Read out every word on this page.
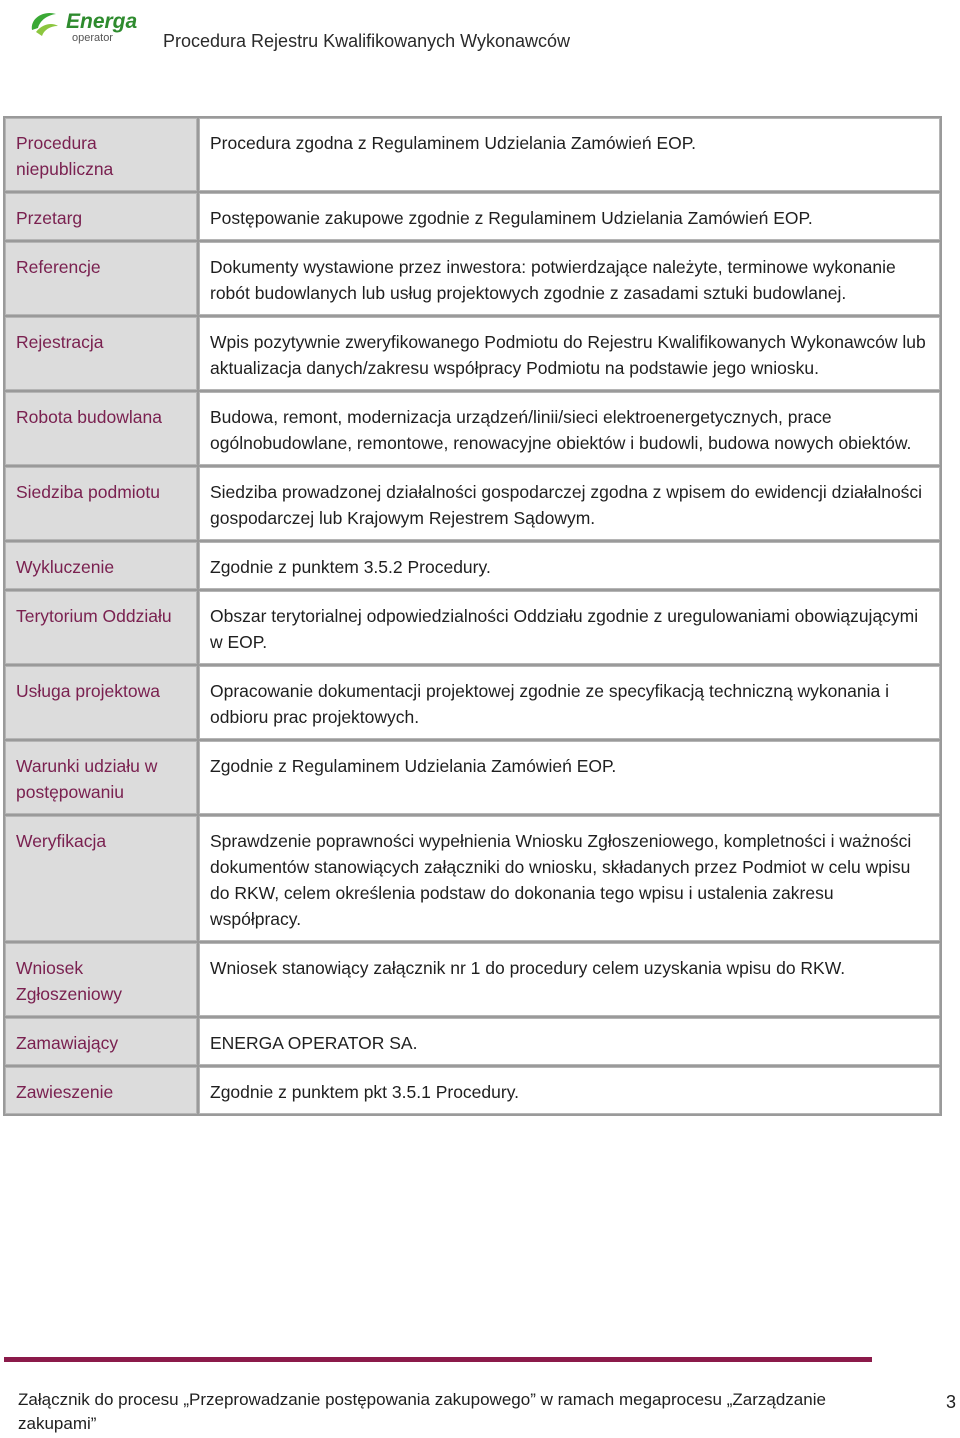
Energa
operator	Procedura Rejestru Kwalifikowanych Wykonawców
Procedura niepubliczna	Procedura zgodna z Regulaminem Udzielania Zamówień EOP.
Przetarg	Postępowanie zakupowe zgodnie z Regulaminem Udzielania Zamówień EOP.
Referencje	Dokumenty wystawione przez inwestora: potwierdzające należyte, terminowe wykonanie robót budowlanych lub usług projektowych zgodnie z zasadami sztuki budowlanej.
Rejestracja	Wpis pozytywnie zweryfikowanego Podmiotu do Rejestru Kwalifikowanych Wykonawców lub aktualizacja danych/zakresu współpracy Podmiotu na podstawie jego wniosku.
Robota budowlana	Budowa, remont, modernizacja urządzeń/linii/sieci elektroenergetycznych, prace ogólnobudowlane, remontowe, renowacyjne obiektów i budowli, budowa nowych obiektów.
Siedziba podmiotu	Siedziba prowadzonej działalności gospodarczej zgodna z wpisem do ewidencji działalności gospodarczej lub Krajowym Rejestrem Sądowym.
Wykluczenie	Zgodnie z punktem 3.5.2 Procedury.
Terytorium Oddziału	Obszar terytorialnej odpowiedzialności Oddziału zgodnie z uregulowaniami obowiązującymi w EOP.
Usługa projektowa	Opracowanie dokumentacji projektowej zgodnie ze specyfikacją techniczną wykonania i odbioru prac projektowych.
Warunki udziału w postępowaniu	Zgodnie z Regulaminem Udzielania Zamówień EOP.
Weryfikacja	Sprawdzenie poprawności wypełnienia Wniosku Zgłoszeniowego, kompletności i ważności dokumentów stanowiących załączniki do wniosku, składanych przez Podmiot w celu wpisu do RKW, celem określenia podstaw do dokonania tego wpisu i ustalenia zakresu współpracy.
Wniosek Zgłoszeniowy	Wniosek stanowiący załącznik nr 1 do procedury celem uzyskania wpisu do RKW.
Zamawiający	ENERGA OPERATOR SA.
Zawieszenie	Zgodnie z punktem pkt 3.5.1 Procedury.
Załącznik do procesu „Przeprowadzanie postępowania zakupowego” w ramach megaprocesu „Zarządzanie zakupami”
3
